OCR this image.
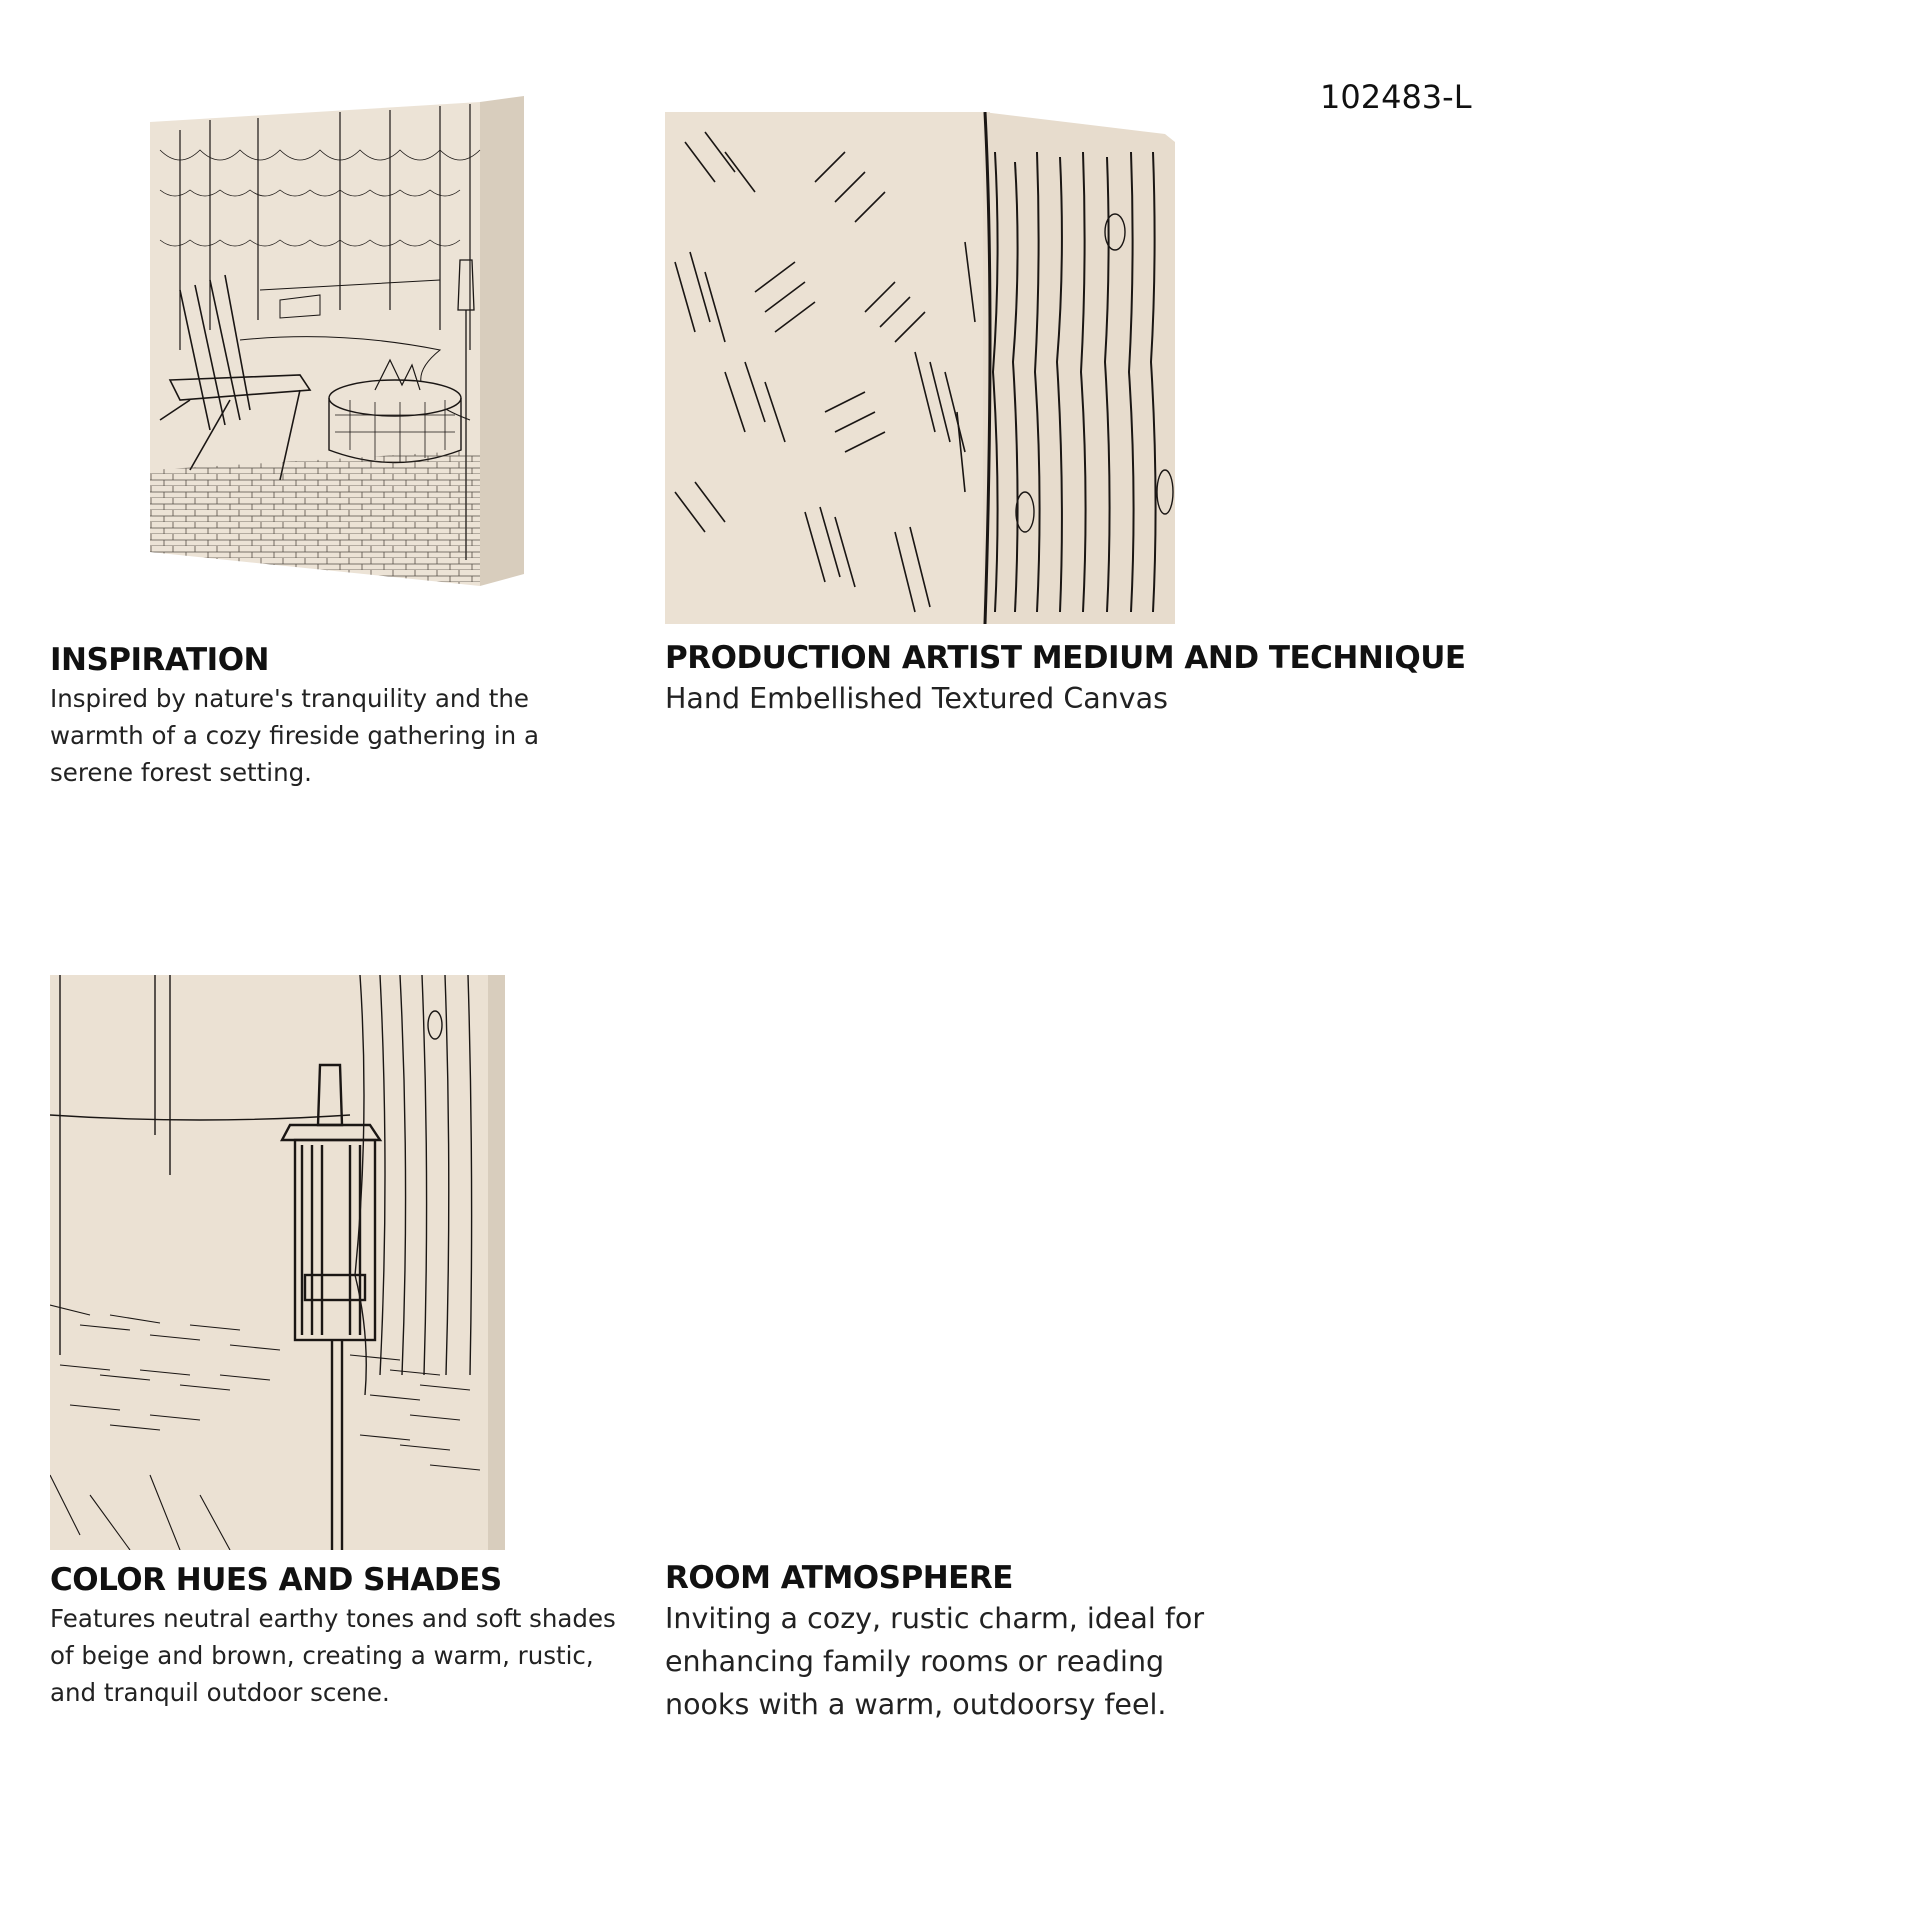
102483-L
INSPIRATION
Inspired by nature's tranquility and the warmth of a cozy fireside gathering in a serene forest setting.
PRODUCTION ARTIST MEDIUM AND TECHNIQUE
Hand Embellished Textured Canvas
COLOR HUES AND SHADES
Features neutral earthy tones and soft shades of beige and brown, creating a warm, rustic, and tranquil outdoor scene.
ROOM ATMOSPHERE
Inviting a cozy, rustic charm, ideal for enhancing family rooms or reading nooks with a warm, outdoorsy feel.
